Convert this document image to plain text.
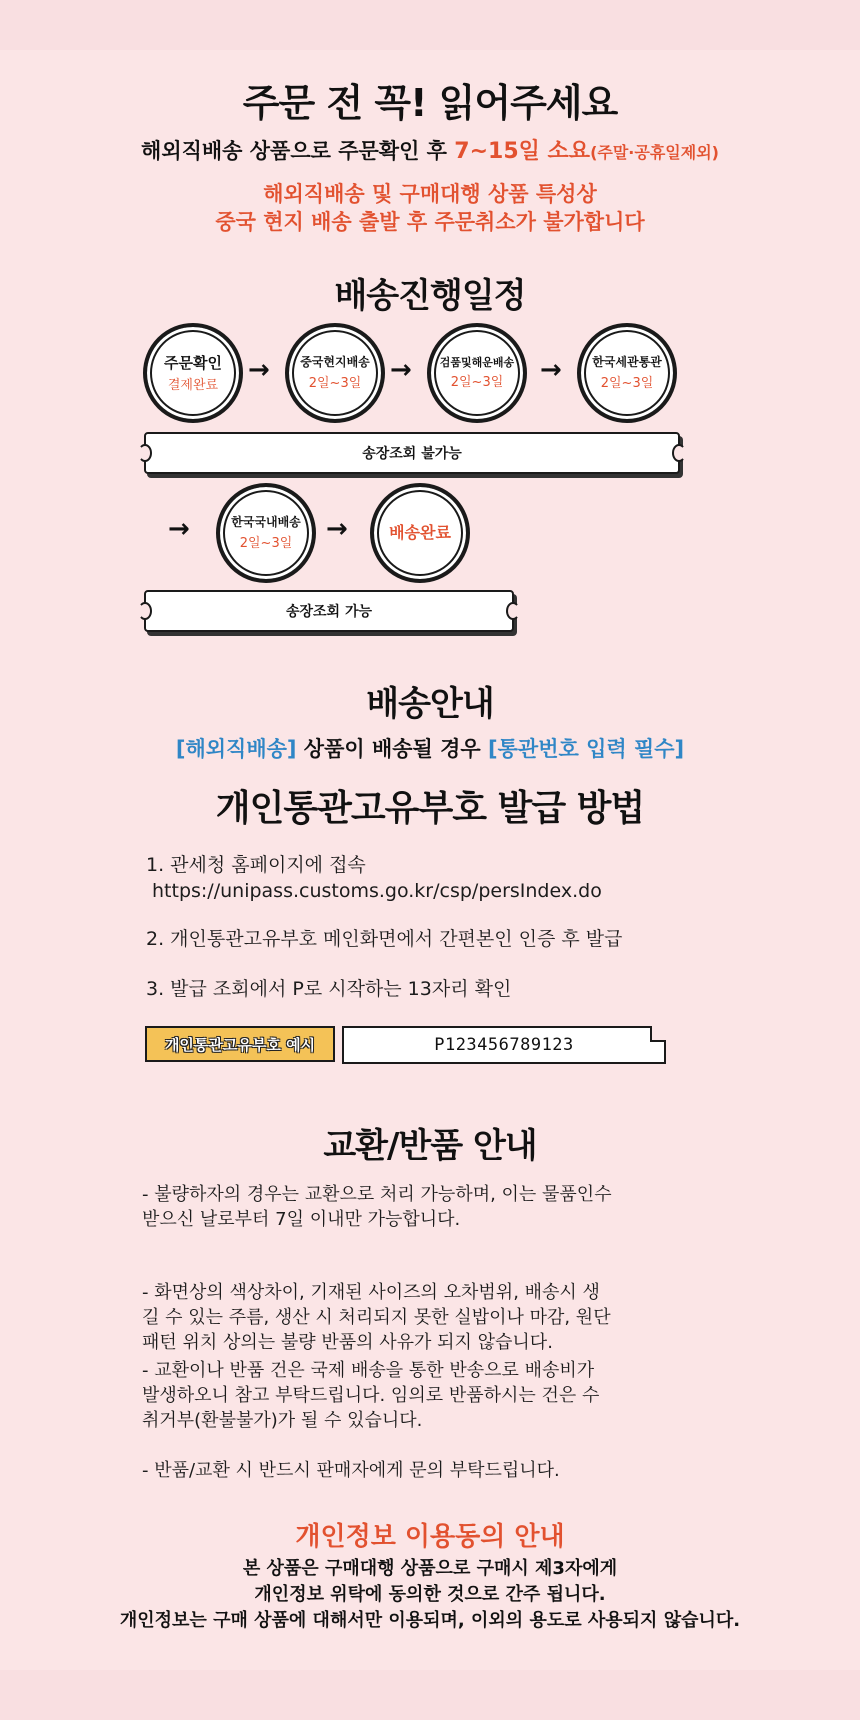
주문 전 꼭! 읽어주세요
해외직배송 상품으로 주문확인 후 7~15일 소요(주말·공휴일제외)
해외직배송 및 구매대행 상품 특성상
중국 현지 배송 출발 후 주문취소가 불가합니다
배송진행일정
주문확인
결제완료 →	중국현지배송
2일~3일 →	검품및해운배송
2일~3일 →	한국세관통관
2일~3일
송장조회 불가능
→	한국국내배송
2일~3일 →	배송완료
송장조회 가능
배송안내
[해외직배송] 상품이 배송될 경우 [통관번호 입력 필수]
개인통관고유부호 발급 방법
1. 관세청 홈페이지에 접속
https://unipass.customs.go.kr/csp/persIndex.do
2. 개인통관고유부호 메인화면에서 간편본인 인증 후 발급
3. 발급 조회에서 P로 시작하는 13자리 확인
개인통관고유부호 예시	P123456789123
교환/반품 안내
- 불량하자의 경우는 교환으로 처리 가능하며, 이는 물품인수
받으신 날로부터 7일 이내만 가능합니다.
- 화면상의 색상차이, 기재된 사이즈의 오차범위, 배송시 생
길 수 있는 주름, 생산 시 처리되지 못한 실밥이나 마감, 원단
패턴 위치 상의는 불량 반품의 사유가 되지 않습니다.
- 교환이나 반품 건은 국제 배송을 통한 반송으로 배송비가
발생하오니 참고 부탁드립니다. 임의로 반품하시는 건은 수
취거부(환불불가)가 될 수 있습니다.
- 반품/교환 시 반드시 판매자에게 문의 부탁드립니다.
개인정보 이용동의 안내
본 상품은 구매대행 상품으로 구매시 제3자에게
개인정보 위탁에 동의한 것으로 간주 됩니다.
개인정보는 구매 상품에 대해서만 이용되며, 이외의 용도로 사용되지 않습니다.
